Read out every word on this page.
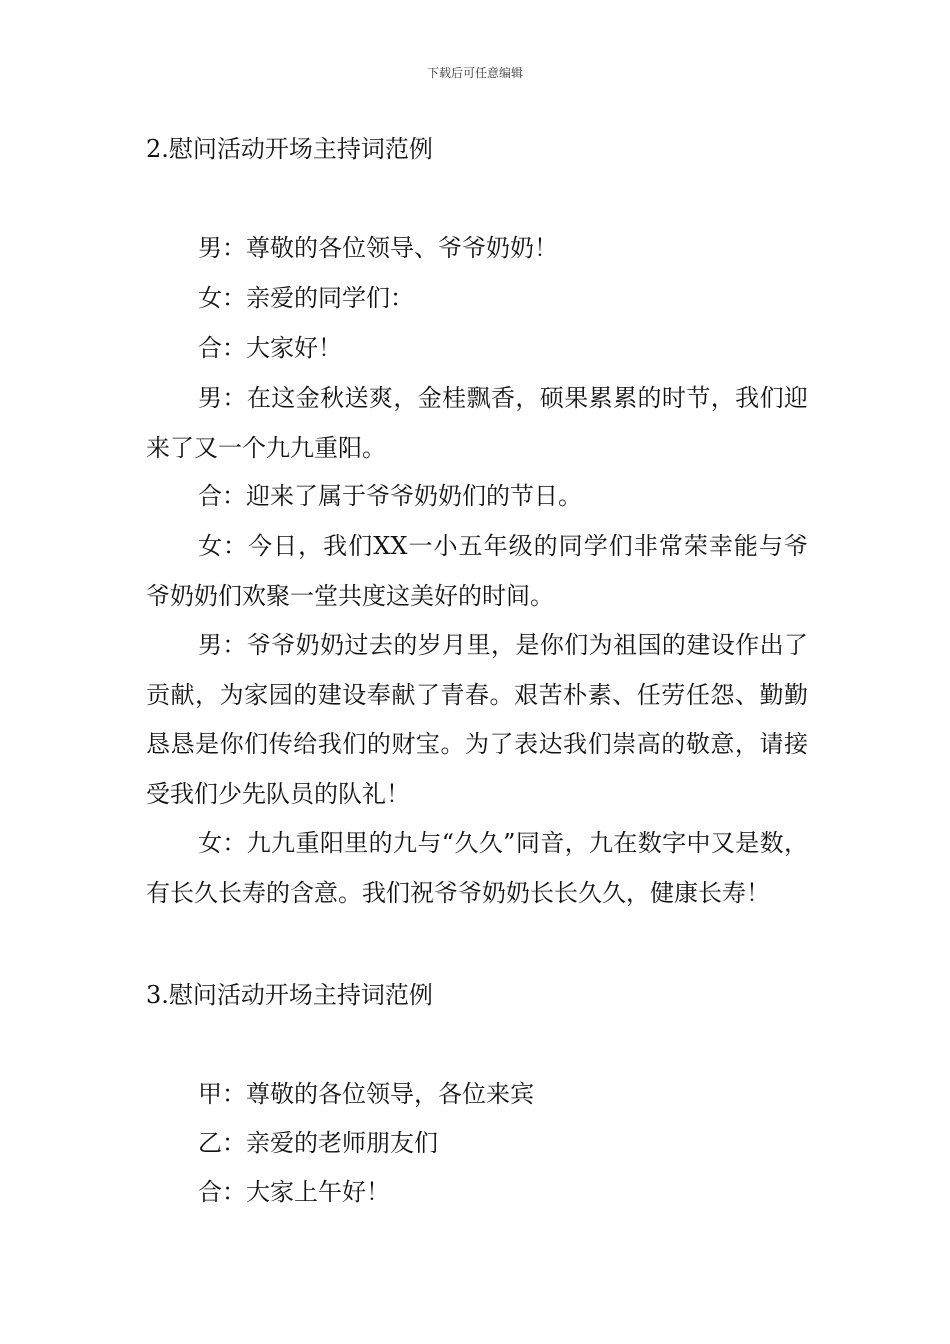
下载后可任意编辑
2.慰问活动开场主持词范例
男：尊敬的各位领导、爷爷奶奶！
女：亲爱的同学们：
合：大家好！
男：在这金秋送爽，金桂飘香，硕果累累的时节，我们迎来了又一个九九重阳。
合：迎来了属于爷爷奶奶们的节日。
女：今日，我们XX一小五年级的同学们非常荣幸能与爷爷奶奶们欢聚一堂共度这美好的时间。
男：爷爷奶奶过去的岁月里，是你们为祖国的建设作出了贡献，为家园的建设奉献了青春。艰苦朴素、任劳任怨、勤勤恳恳是你们传给我们的财宝。为了表达我们崇高的敬意，请接受我们少先队员的队礼！
女：九九重阳里的九与“久久”同音，九在数字中又是数，有长久长寿的含意。我们祝爷爷奶奶长长久久，健康长寿！
3.慰问活动开场主持词范例
甲：尊敬的各位领导，各位来宾
乙：亲爱的老师朋友们
合：大家上午好！
